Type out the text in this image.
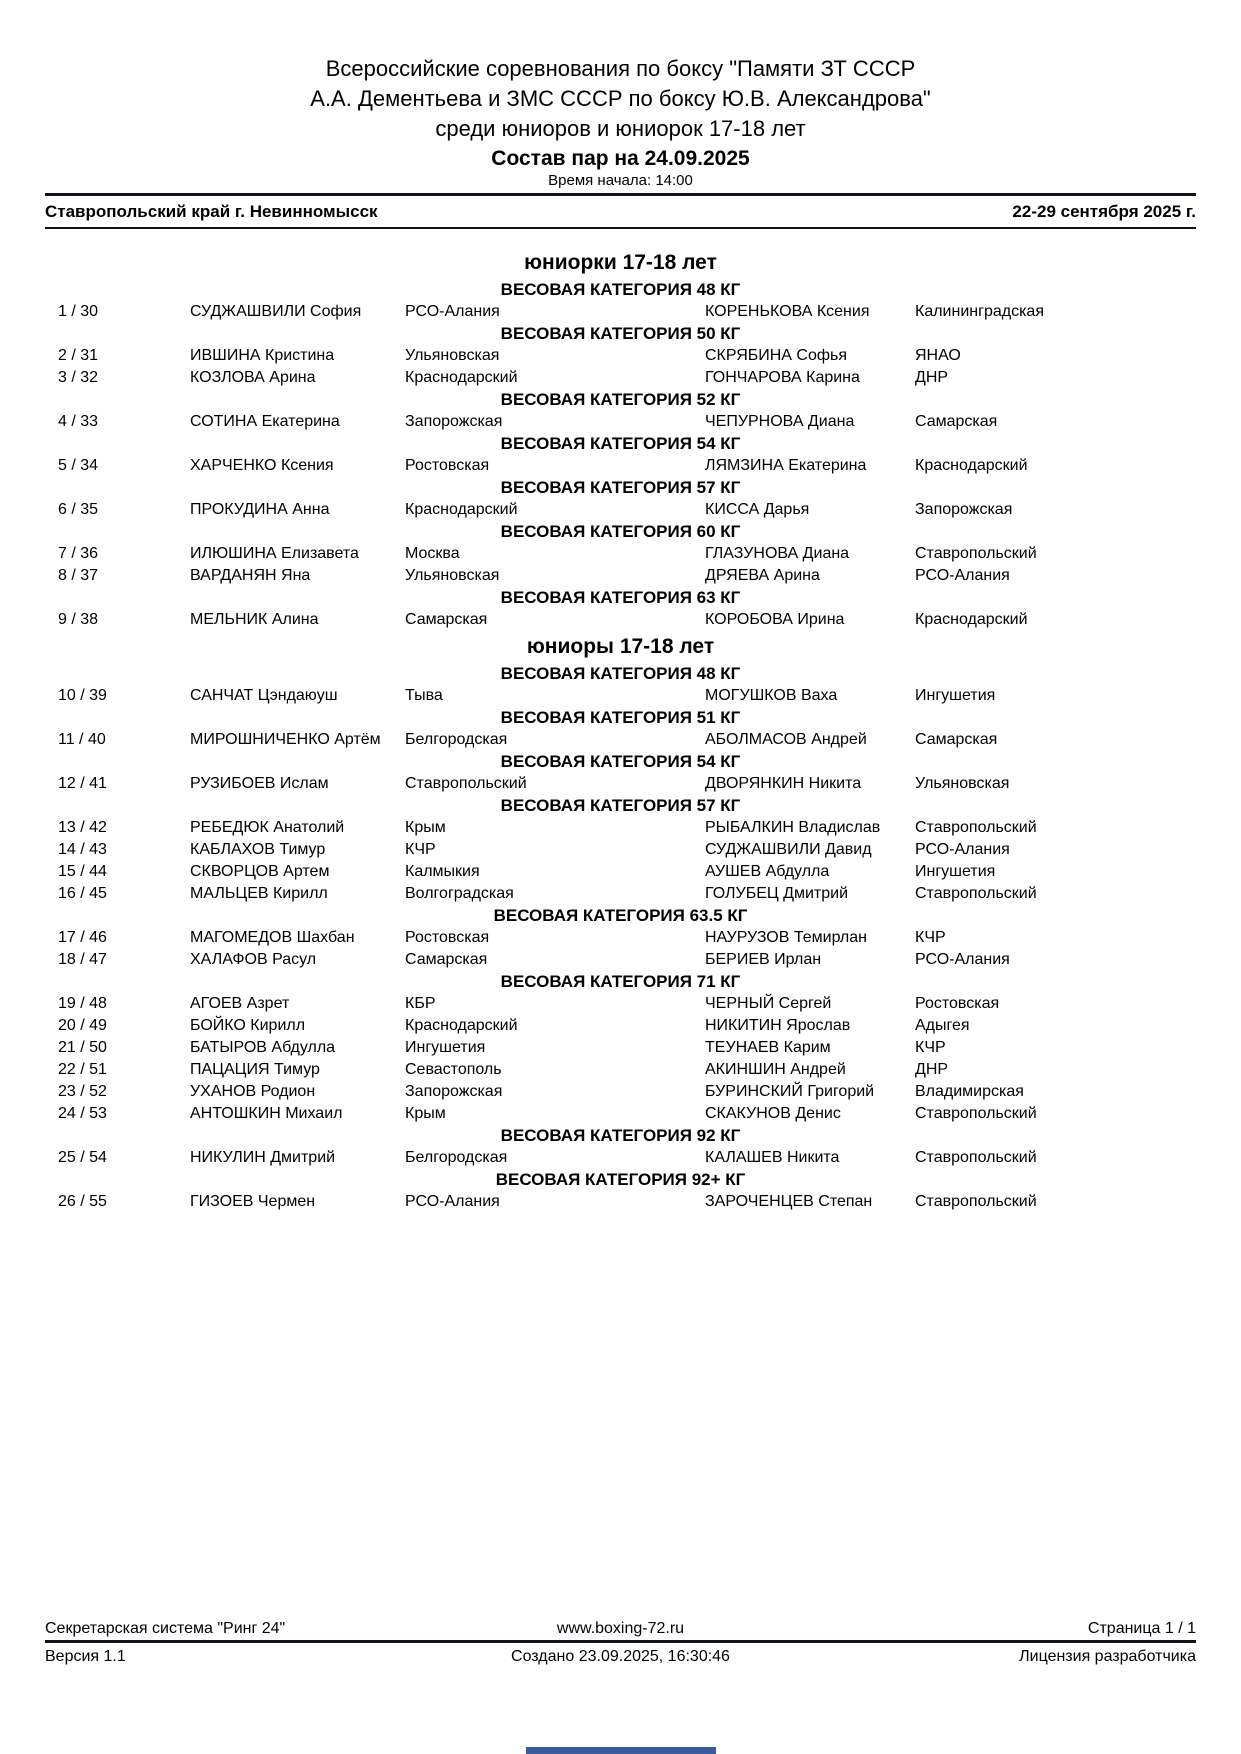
Всероссийские соревнования по боксу "Памяти ЗТ СССР
А.А. Дементьева и ЗМС СССР по боксу Ю.В. Александрова"
среди юниоров и юниорок 17-18 лет
Состав пар на 24.09.2025
Время начала: 14:00
Ставропольский край г. Невинномысск	22-29 сентября 2025 г.
юниорки 17-18 лет
ВЕСОВАЯ КАТЕГОРИЯ 48 КГ
1 / 30	СУДЖАШВИЛИ София	РСО-Алания	КОРЕНЬКОВА Ксения	Калининградская
ВЕСОВАЯ КАТЕГОРИЯ 50 КГ
2 / 31	ИВШИНА Кристина	Ульяновская	СКРЯБИНА Софья	ЯНАО
3 / 32	КОЗЛОВА Арина	Краснодарский	ГОНЧАРОВА Карина	ДНР
ВЕСОВАЯ КАТЕГОРИЯ 52 КГ
4 / 33	СОТИНА Екатерина	Запорожская	ЧЕПУРНОВА Диана	Самарская
ВЕСОВАЯ КАТЕГОРИЯ 54 КГ
5 / 34	ХАРЧЕНКО Ксения	Ростовская	ЛЯМЗИНА Екатерина	Краснодарский
ВЕСОВАЯ КАТЕГОРИЯ 57 КГ
6 / 35	ПРОКУДИНА Анна	Краснодарский	КИССА Дарья	Запорожская
ВЕСОВАЯ КАТЕГОРИЯ 60 КГ
7 / 36	ИЛЮШИНА Елизавета	Москва	ГЛАЗУНОВА Диана	Ставропольский
8 / 37	ВАРДАНЯН Яна	Ульяновская	ДРЯЕВА Арина	РСО-Алания
ВЕСОВАЯ КАТЕГОРИЯ 63 КГ
9 / 38	МЕЛЬНИК Алина	Самарская	КОРОБОВА Ирина	Краснодарский
юниоры 17-18 лет
ВЕСОВАЯ КАТЕГОРИЯ 48 КГ
10 / 39	САНЧАТ Цэндаюуш	Тыва	МОГУШКОВ Ваха	Ингушетия
ВЕСОВАЯ КАТЕГОРИЯ 51 КГ
11 / 40	МИРОШНИЧЕНКО Артём	Белгородская	АБОЛМАСОВ Андрей	Самарская
ВЕСОВАЯ КАТЕГОРИЯ 54 КГ
12 / 41	РУЗИБОЕВ Ислам	Ставропольский	ДВОРЯНКИН Никита	Ульяновская
ВЕСОВАЯ КАТЕГОРИЯ 57 КГ
13 / 42	РЕБЕДЮК Анатолий	Крым	РЫБАЛКИН Владислав	Ставропольский
14 / 43	КАБЛАХОВ Тимур	КЧР	СУДЖАШВИЛИ Давид	РСО-Алания
15 / 44	СКВОРЦОВ Артем	Калмыкия	АУШЕВ Абдулла	Ингушетия
16 / 45	МАЛЬЦЕВ Кирилл	Волгоградская	ГОЛУБЕЦ Дмитрий	Ставропольский
ВЕСОВАЯ КАТЕГОРИЯ 63.5 КГ
17 / 46	МАГОМЕДОВ Шахбан	Ростовская	НАУРУЗОВ Темирлан	КЧР
18 / 47	ХАЛАФОВ Расул	Самарская	БЕРИЕВ Ирлан	РСО-Алания
ВЕСОВАЯ КАТЕГОРИЯ 71 КГ
19 / 48	АГОЕВ Азрет	КБР	ЧЕРНЫЙ Сергей	Ростовская
20 / 49	БОЙКО Кирилл	Краснодарский	НИКИТИН Ярослав	Адыгея
21 / 50	БАТЫРОВ Абдулла	Ингушетия	ТЕУНАЕВ Карим	КЧР
22 / 51	ПАЦАЦИЯ Тимур	Севастополь	АКИНШИН Андрей	ДНР
23 / 52	УХАНОВ Родион	Запорожская	БУРИНСКИЙ Григорий	Владимирская
24 / 53	АНТОШКИН Михаил	Крым	СКАКУНОВ Денис	Ставропольский
ВЕСОВАЯ КАТЕГОРИЯ 92 КГ
25 / 54	НИКУЛИН Дмитрий	Белгородская	КАЛАШЕВ Никита	Ставропольский
ВЕСОВАЯ КАТЕГОРИЯ 92+ КГ
26 / 55	ГИЗОЕВ Чермен	РСО-Алания	ЗАРОЧЕНЦЕВ Степан	Ставропольский
Секретарская система "Ринг 24"	www.boxing-72.ru	Страница 1 / 1
Версия 1.1	Создано 23.09.2025, 16:30:46	Лицензия разработчика
